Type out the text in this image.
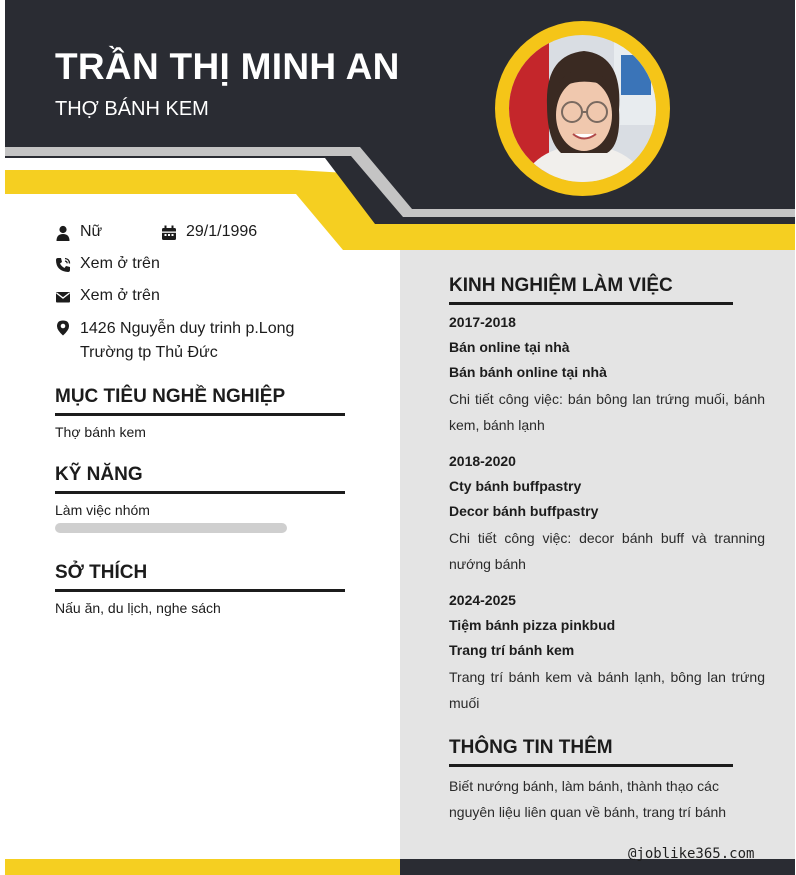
TRẦN THỊ MINH AN
THỢ BÁNH KEM
Nữ	29/1/1996
Xem ở trên
Xem ở trên
1426 Nguyễn duy trinh p.Long Trường tp Thủ Đức
MỤC TIÊU NGHỀ NGHIỆP
Thợ bánh kem
KỸ NĂNG
Làm việc nhóm
SỞ THÍCH
Nấu ăn, du lịch, nghe sách
KINH NGHIỆM LÀM VIỆC
2017-2018
Bán online tại nhà
Bán bánh online tại nhà
Chi tiết công việc: bán bông lan trứng muối, bánh kem, bánh lạnh
2018-2020
Cty bánh buffpastry
Decor bánh buffpastry
Chi tiết công việc: decor bánh buff và tranning nướng bánh
2024-2025
Tiệm bánh pizza pinkbud
Trang trí bánh kem
Trang trí bánh kem và bánh lạnh, bông lan trứng muối
THÔNG TIN THÊM
Biết nướng bánh, làm bánh, thành thạo các nguyên liệu liên quan về bánh, trang trí bánh
@joblike365.com
